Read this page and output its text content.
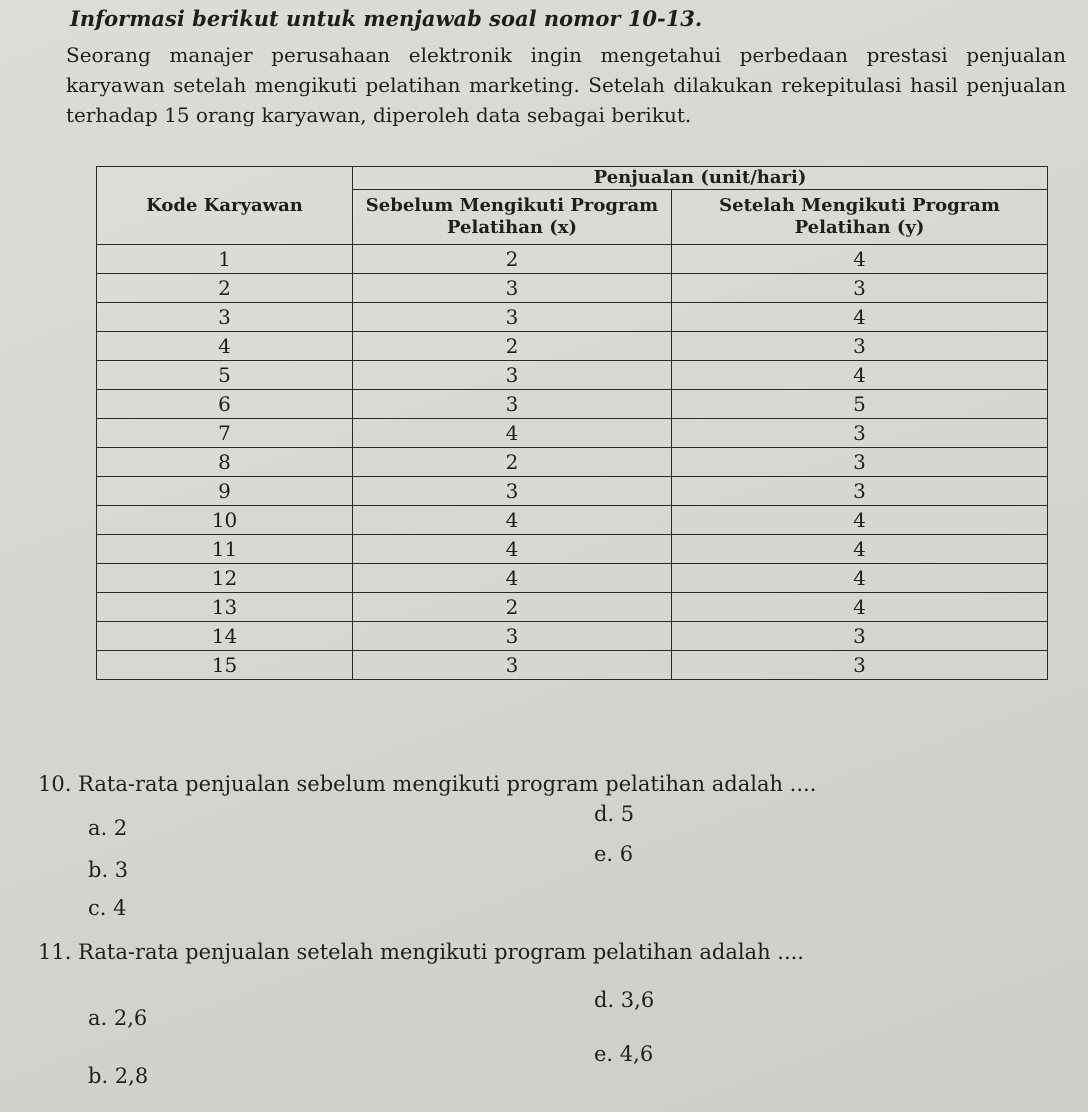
Informasi berikut untuk menjawab soal nomor 10-13.

Seorang manajer perusahaan elektronik ingin mengetahui perbedaan prestasi penjualan karyawan setelah mengikuti pelatihan marketing. Setelah dilakukan rekepitulasi hasil penjualan terhadap 15 orang karyawan, diperoleh data sebagai berikut.

Kode Karyawan	Penjualan (unit/hari)	
	Sebelum Mengikuti Program Pelatihan (x)	Setelah Mengikuti Program Pelatihan (y)
1	2	4
2	3	3
3	3	4
4	2	3
5	3	4
6	3	5
7	4	3
8	2	3
9	3	3
10	4	4
11	4	4
12	4	4
13	2	4
14	3	3
15	3	3
10. Rata-rata penjualan sebelum mengikuti program pelatihan adalah ....
a. 2
b. 3
c. 4
d. 5
e. 6
11. Rata-rata penjualan setelah mengikuti program pelatihan adalah ....
a. 2,6
b. 2,8
d. 3,6
e. 4,6
